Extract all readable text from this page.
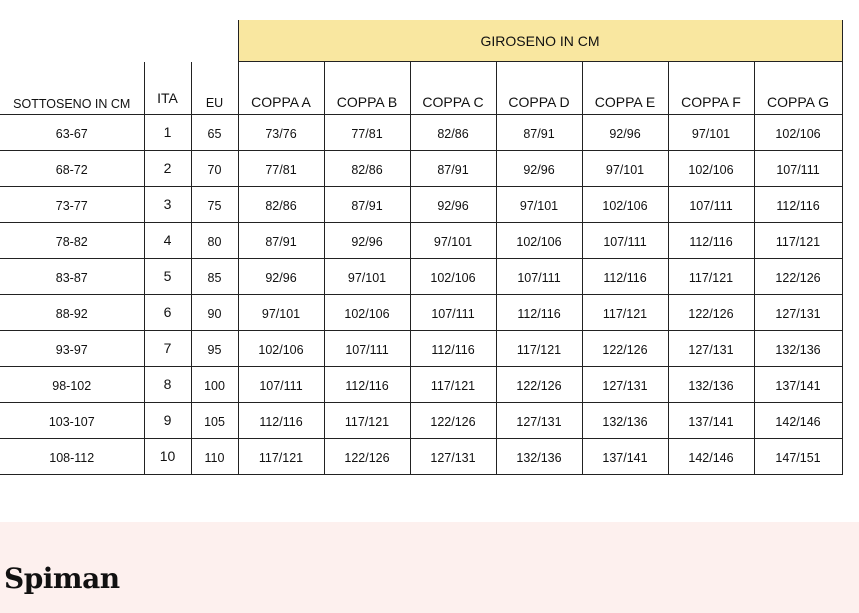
			GIROSENO IN CM						
SOTTOSENO IN CM	ITA	EU	COPPA A	COPPA B	COPPA C	COPPA D	COPPA E	COPPA F	COPPA G
63-67	1	65	73/76	77/81	82/86	87/91	92/96	97/101	102/106
68-72	2	70	77/81	82/86	87/91	92/96	97/101	102/106	107/111
73-77	3	75	82/86	87/91	92/96	97/101	102/106	107/111	112/116
78-82	4	80	87/91	92/96	97/101	102/106	107/111	112/116	117/121
83-87	5	85	92/96	97/101	102/106	107/111	112/116	117/121	122/126
88-92	6	90	97/101	102/106	107/111	112/116	117/121	122/126	127/131
93-97	7	95	102/106	107/111	112/116	117/121	122/126	127/131	132/136
98-102	8	100	107/111	112/116	117/121	122/126	127/131	132/136	137/141
103-107	9	105	112/116	117/121	122/126	127/131	132/136	137/141	142/146
108-112	10	110	117/121	122/126	127/131	132/136	137/141	142/146	147/151
Spiman
